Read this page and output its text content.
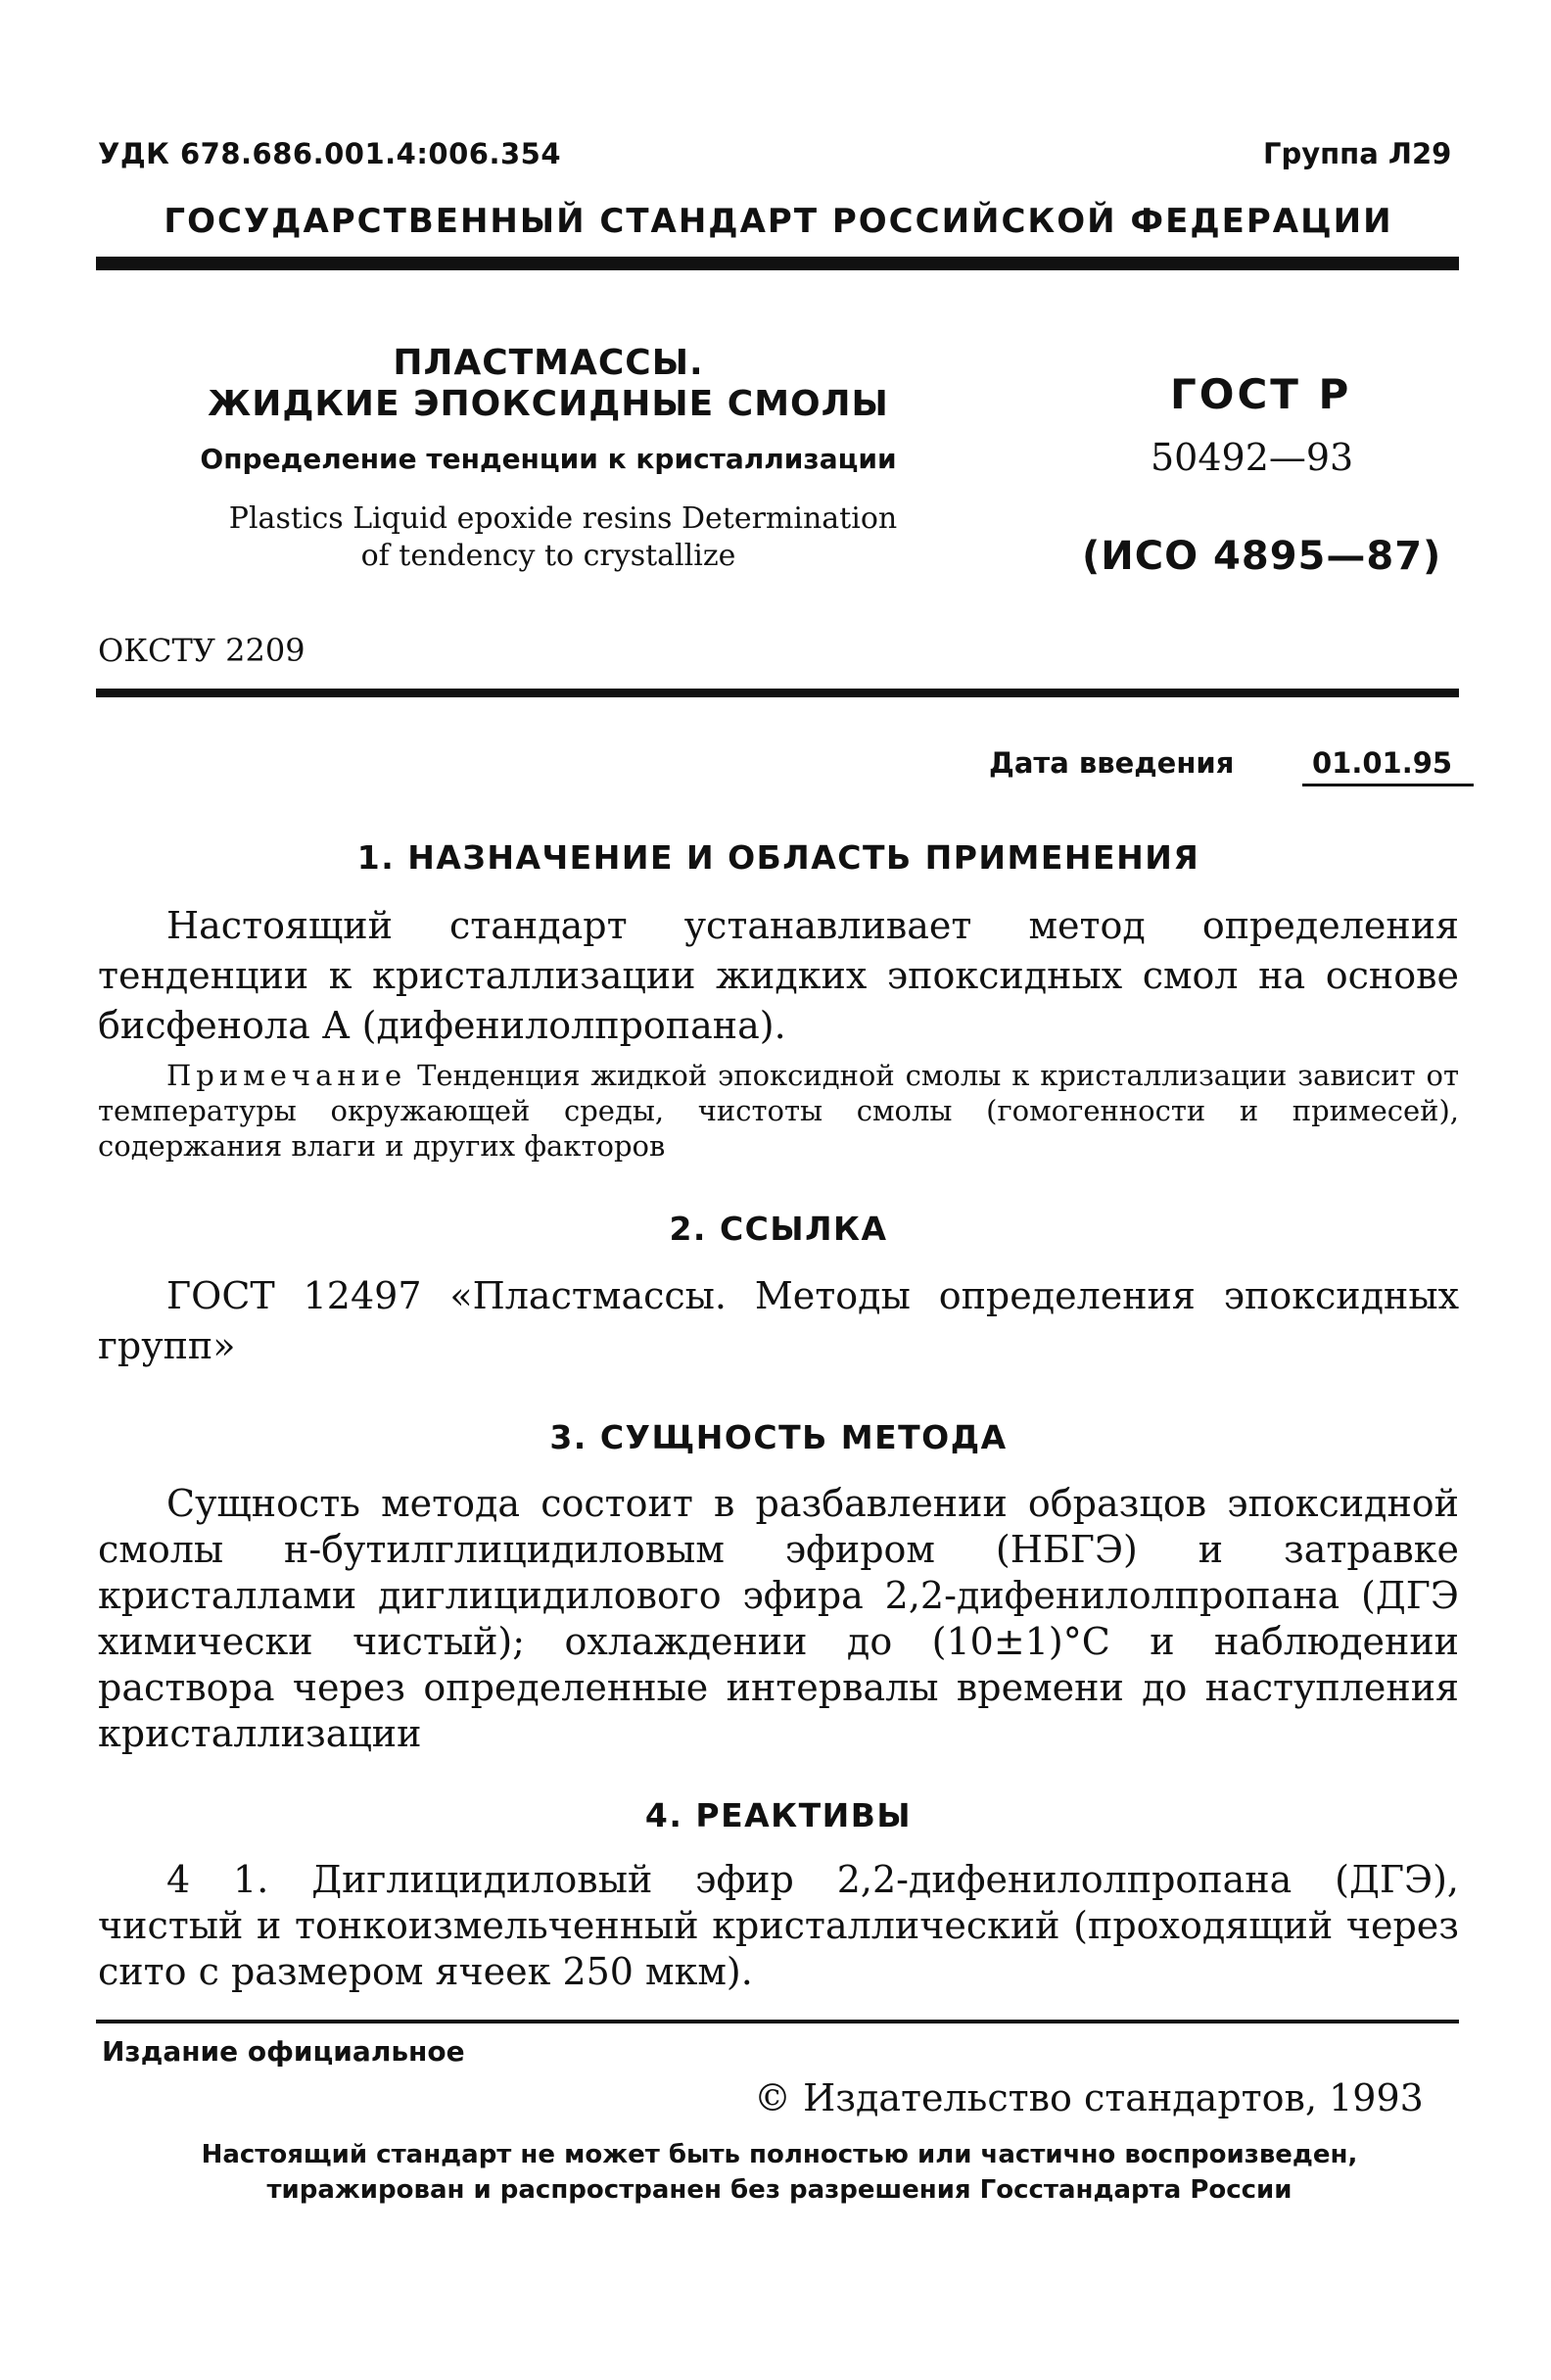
УДК 678.686.001.4:006.354	Группа Л29
ГОСУДАРСТВЕННЫЙ СТАНДАРТ РОССИЙСКОЙ ФЕДЕРАЦИИ
ПЛАСТМАССЫ.
ЖИДКИЕ ЭПОКСИДНЫЕ СМОЛЫ
Определение тенденции к кристаллизации
Plastics Liquid epoxide resins Determination
of tendency to crystallize
ГОСТ Р
50492—93
(ИСО 4895—87)
ОКСТУ 2209
Дата введения	01.01.95
1. НАЗНАЧЕНИЕ И ОБЛАСТЬ ПРИМЕНЕНИЯ

Настоящий стандарт устанавливает метод определения тенденции к кристаллизации жидких эпоксидных смол на основе бисфенола А (дифенилолпропана).

Примечание Тенденция жидкой эпоксидной смолы к кристаллизации зависит от температуры окружающей среды, чистоты смолы (гомогенности и примесей), содержания влаги и других факторов
2. ССЫЛКА

ГОСТ 12497 «Пластмассы. Методы определения эпоксидных групп»

3. СУЩНОСТЬ МЕТОДА

Сущность метода состоит в разбавлении образцов эпоксидной смолы н-бутилглицидиловым эфиром (НБГЭ) и затравке кристаллами диглицидилового эфира 2,2-дифенилолпропана (ДГЭ химически чистый); охлаждении до (10±1)°С и наблюдении раствора через определенные интервалы времени до наступления кристаллизации

4. РЕАКТИВЫ

4 1. Диглицидиловый эфир 2,2-дифенилолпропана (ДГЭ), чистый и тонкоизмельченный кристаллический (проходящий через сито с размером ячеек 250 мкм).

Издание официальное
© Издательство стандартов, 1993
Настоящий стандарт не может быть полностью или частично воспроизведен,
тиражирован и распространен без разрешения Госстандарта России
